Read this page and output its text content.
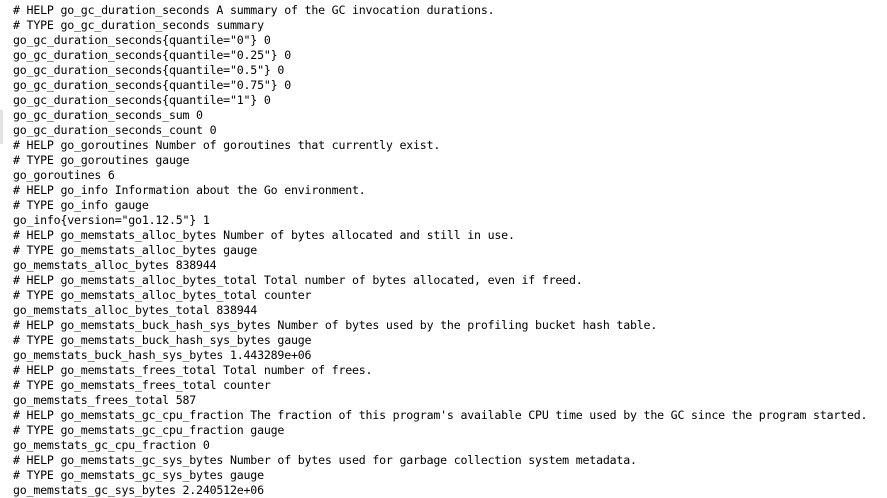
# HELP go_gc_duration_seconds A summary of the GC invocation durations.
# TYPE go_gc_duration_seconds summary
go_gc_duration_seconds{quantile="0"} 0
go_gc_duration_seconds{quantile="0.25"} 0
go_gc_duration_seconds{quantile="0.5"} 0
go_gc_duration_seconds{quantile="0.75"} 0
go_gc_duration_seconds{quantile="1"} 0
go_gc_duration_seconds_sum 0
go_gc_duration_seconds_count 0
# HELP go_goroutines Number of goroutines that currently exist.
# TYPE go_goroutines gauge
go_goroutines 6
# HELP go_info Information about the Go environment.
# TYPE go_info gauge
go_info{version="go1.12.5"} 1
# HELP go_memstats_alloc_bytes Number of bytes allocated and still in use.
# TYPE go_memstats_alloc_bytes gauge
go_memstats_alloc_bytes 838944
# HELP go_memstats_alloc_bytes_total Total number of bytes allocated, even if freed.
# TYPE go_memstats_alloc_bytes_total counter
go_memstats_alloc_bytes_total 838944
# HELP go_memstats_buck_hash_sys_bytes Number of bytes used by the profiling bucket hash table.
# TYPE go_memstats_buck_hash_sys_bytes gauge
go_memstats_buck_hash_sys_bytes 1.443289e+06
# HELP go_memstats_frees_total Total number of frees.
# TYPE go_memstats_frees_total counter
go_memstats_frees_total 587
# HELP go_memstats_gc_cpu_fraction The fraction of this program's available CPU time used by the GC since the program started.
# TYPE go_memstats_gc_cpu_fraction gauge
go_memstats_gc_cpu_fraction 0
# HELP go_memstats_gc_sys_bytes Number of bytes used for garbage collection system metadata.
# TYPE go_memstats_gc_sys_bytes gauge
go_memstats_gc_sys_bytes 2.240512e+06
